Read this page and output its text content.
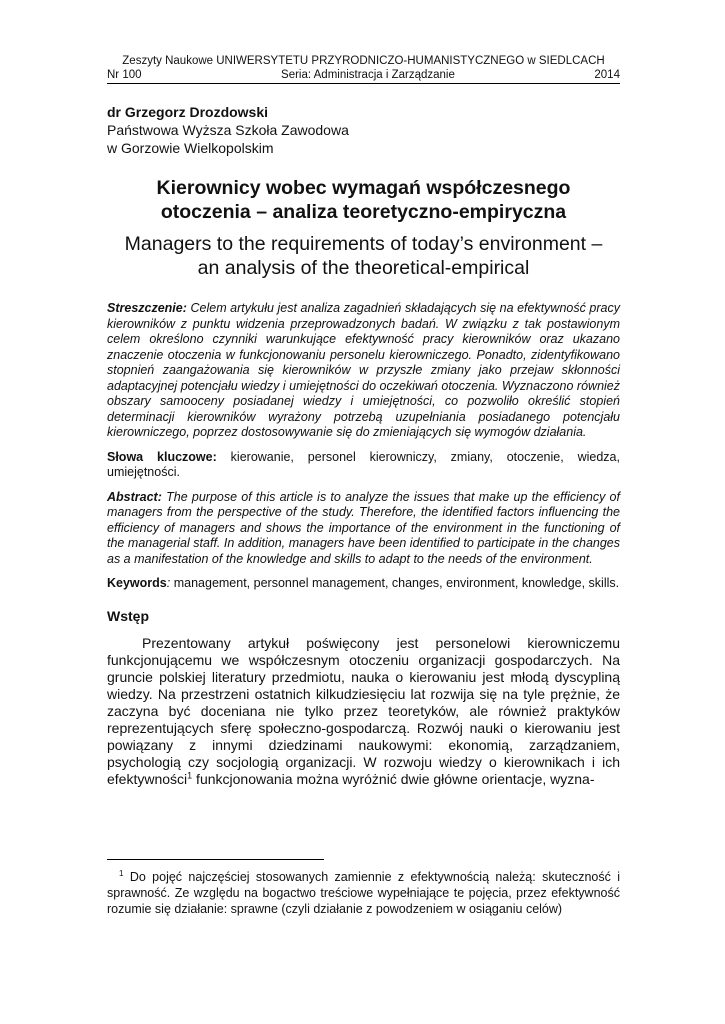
Zeszyty Naukowe UNIWERSYTETU PRZYRODNICZO-HUMANISTYCZNEGO w SIEDLCACH
Nr 100	Seria: Administracja i Zarządzanie	2014
dr Grzegorz Drozdowski
Państwowa Wyższa Szkoła Zawodowa
w Gorzowie Wielkopolskim
Kierownicy wobec wymagań współczesnego
otoczenia – analiza teoretyczno-empiryczna
Managers to the requirements of today’s environment –
an analysis of the theoretical-empirical
Streszczenie: Celem artykułu jest analiza zagadnień składających się na efektywność pracy kierowników z punktu widzenia przeprowadzonych badań. W związku z tak postawionym celem określono czynniki warunkujące efektywność pracy kierowników oraz ukazano znaczenie otoczenia w funkcjonowaniu personelu kierowniczego. Ponadto, zidentyfikowano stopnień zaangażowania się kierowników w przyszłe zmiany jako przejaw skłonności adaptacyjnej potencjału wiedzy i umiejętności do oczekiwań otoczenia. Wyznaczono również obszary samooceny posiadanej wiedzy i umiejętności, co pozwoliło określić stopień determinacji kierowników wyrażony potrzebą uzupełniania posiadanego potencjału kierowniczego, poprzez dostosowywanie się do zmieniających się wymogów działania.
Słowa kluczowe: kierowanie, personel kierowniczy, zmiany, otoczenie, wiedza, umiejętności.
Abstract: The purpose of this article is to analyze the issues that make up the efficiency of managers from the perspective of the study. Therefore, the identified factors influencing the efficiency of managers and shows the importance of the environment in the functioning of the managerial staff. In addition, managers have been identified to participate in the changes as a manifestation of the knowledge and skills to adapt to the needs of the environment.
Keywords: management, personnel management, changes, environment, knowledge, skills.
Wstęp
Prezentowany artykuł poświęcony jest personelowi kierowniczemu funkcjonującemu we współczesnym otoczeniu organizacji gospodarczych. Na gruncie polskiej literatury przedmiotu, nauka o kierowaniu jest młodą dyscypliną wiedzy. Na przestrzeni ostatnich kilkudziesięciu lat rozwija się na tyle prężnie, że zaczyna być doceniana nie tylko przez teoretyków, ale również praktyków reprezentujących sferę społeczno-gospodarczą. Rozwój nauki o kierowaniu jest powiązany z innymi dziedzinami naukowymi: ekonomią, zarządzaniem, psychologią czy socjologią organizacji. W rozwoju wiedzy o kierownikach i ich efektywności$^1$ funkcjonowania można wyróżnić dwie główne orientacje, wyzna-
$^1$ Do pojęć najczęściej stosowanych zamiennie z efektywnością należą: skuteczność i sprawność. Ze względu na bogactwo treściowe wypełniające te pojęcia, przez efektywność rozumie się działanie: sprawne (czyli działanie z powodzeniem w osiąganiu celów)
